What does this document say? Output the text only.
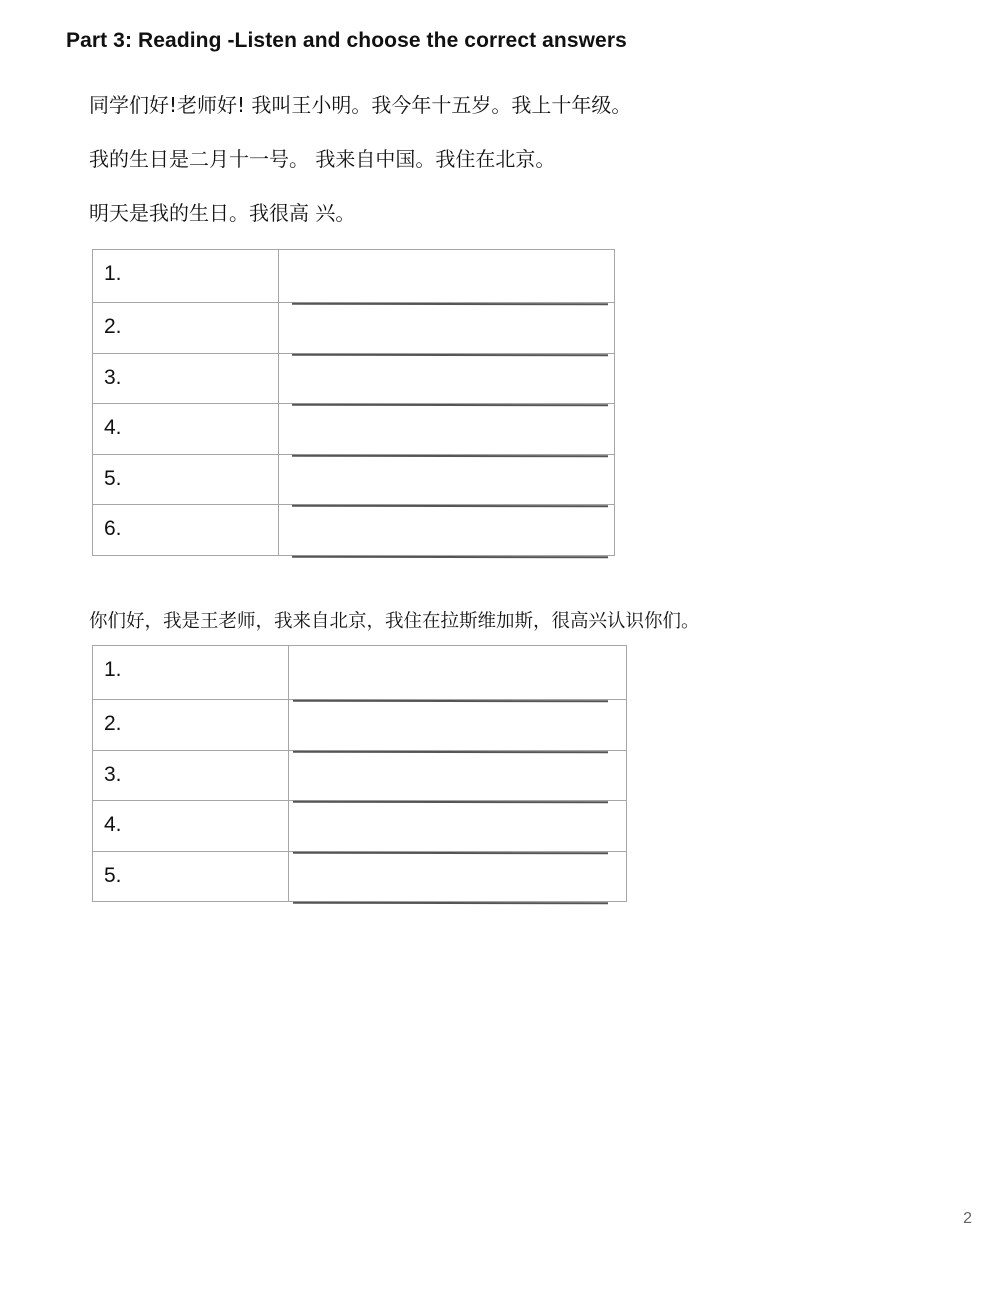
Part 3: Reading -Listen and choose the correct answers

同学们好!老师好! 我叫王小明。我今年十五岁。我上十年级。

我的生日是二月十一号。 我来自中国。我住在北京。

明天是我的生日。我很高 兴。

1.	

2.	

3.	

4.	

5.	

6.	

你们好，我是王老师，我来自北京，我住在拉斯维加斯，很高兴认识你们。

1.	

2.	

3.	

4.	

5.	
2
